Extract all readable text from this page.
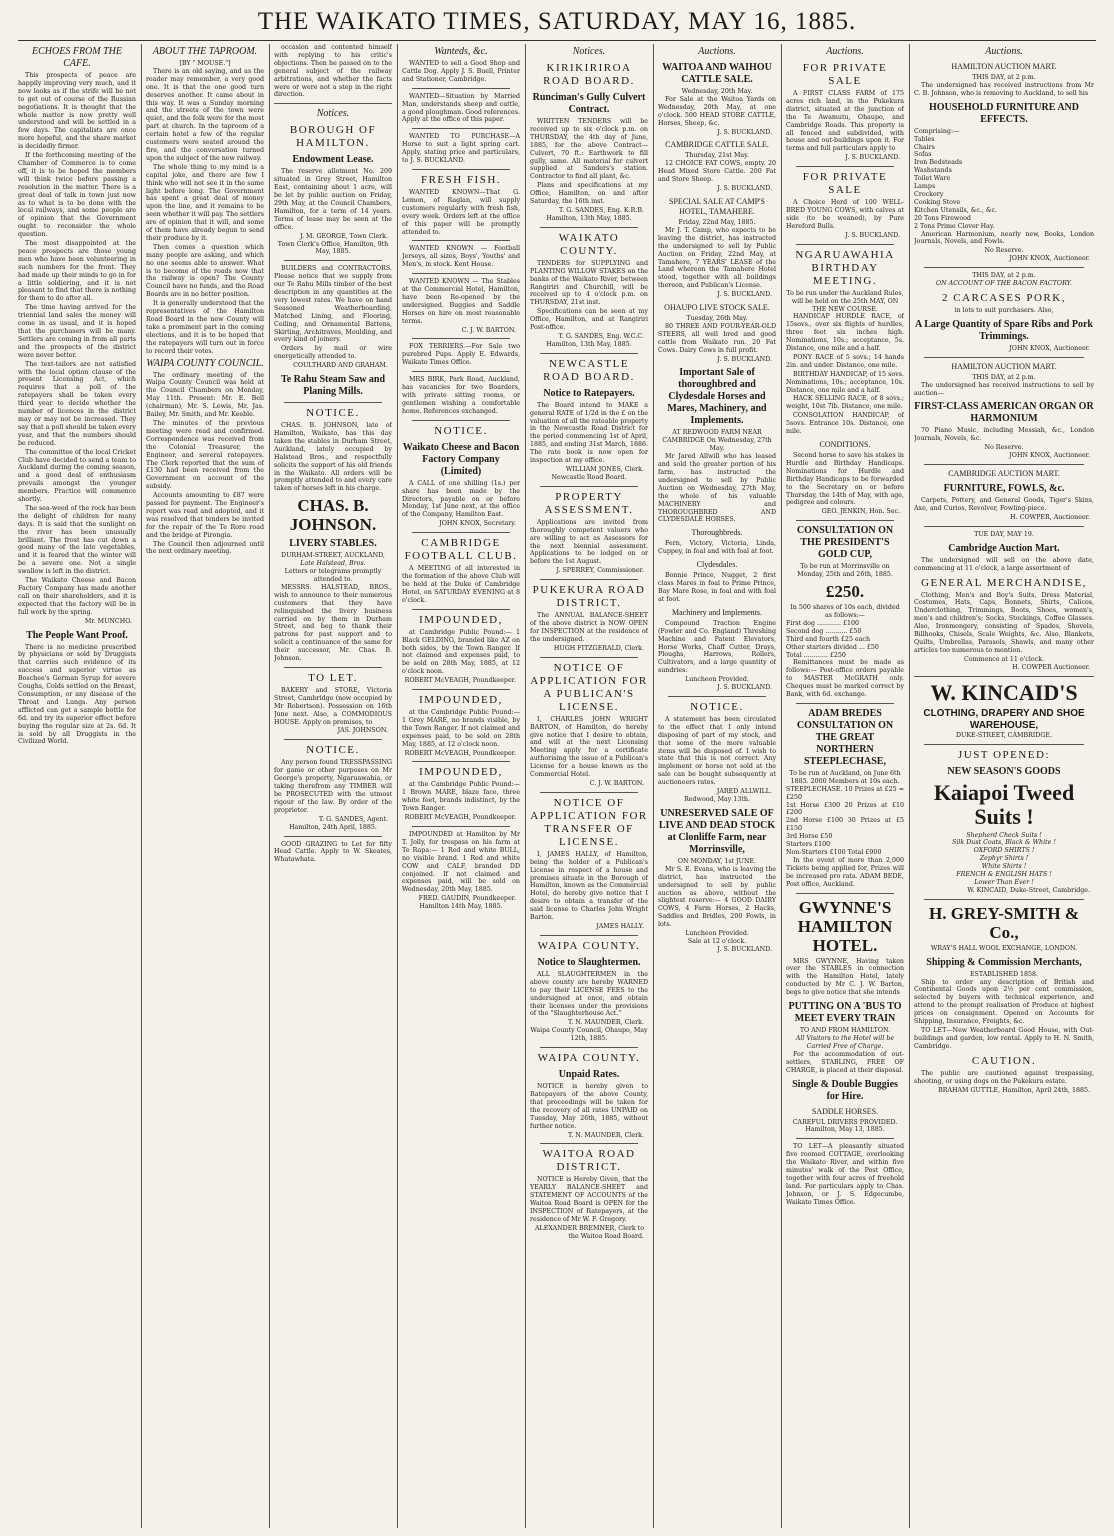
THE WAIKATO TIMES, SATURDAY, MAY 16, 1885.
ECHOES FROM THE CAFE.

This prospects of peace are happily improving very much, and it now looks as if the strife will be not to get out of course of the Russian negotiations. It is thought that the whole matter is now pretty well understood and will be settled in a few days. The capitalists are once more hopeful, and the share market is decidedly firmer.

If the forthcoming meeting of the Chamber of Commerce is to come off, it is to be hoped the members will think twice before passing a resolution in the matter. There is a great deal of talk in town just now as to what is to be done with the local railways, and some people are of opinion that the Government ought to reconsider the whole question.

The most disappointed at the peace prospects are those young men who have been volunteering in such numbers for the front. They had made up their minds to go in for a little soldiering, and it is not pleasant to find that there is nothing for them to do after all.

The time having arrived for the triennial land sales the money will come in as usual, and it is hoped that the purchasers will be many. Settlers are coming in from all parts and the prospects of the district were never better.

The text-tailors are not satisfied with the local option clause of the present Licensing Act, which requires that a poll of the ratepayers shall be taken every third year to decide whether the number of licences in the district may or may not be increased. They say that a poll should be taken every year, and that the numbers should be reduced.

The committee of the local Cricket Club have decided to send a team to Auckland during the coming season, and a good deal of enthusiasm prevails amongst the younger members. Practice will commence shortly.

The sea-weed of the rock has been the delight of children for many days. It is said that the sunlight on the river has been unusually brilliant. The frost has cut down a good many of the late vegetables, and it is feared that the winter will be a severe one. Not a single swallow is left in the district.

The Waikato Cheese and Bacon Factory Company has made another call on their shareholders, and it is expected that the factory will be in full work by the spring.

Mr. MUNCHO.
The People Want Proof.

There is no medicine prescribed by physicians or sold by Druggists that carries such evidence of its success and superior virtue as Boschee's German Syrup for severe Coughs, Colds settled on the Breast, Consumption, or any disease of the Throat and Lungs. Any person afflicted can get a sample bottle for 6d. and try its superior effect before buying the regular size at 2s. 6d. It is sold by all Druggists in the Civilized World.

ABOUT THE TAPROOM.
[BY " MOUSE."]

There is an old saying, and as the reader may remember, a very good one. It is that the one good turn deserves another. It came about in this way. It was a Sunday morning and the streets of the town were quiet, and the folk were for the most part at church. In the taproom of a certain hotel a few of the regular customers were seated around the fire, and the conversation turned upon the subject of the new railway.

The whole thing to my mind is a capital joke, and there are few I think who will not see it in the same light before long. The Government has spent a great deal of money upon the line, and it remains to be seen whether it will pay. The settlers are of opinion that it will, and some of them have already begun to send their produce by it.

Then comes a question which many people are asking, and which no one seems able to answer. What is to become of the roads now that the railway is open? The County Council have no funds, and the Road Boards are in no better position.

It is generally understood that the representatives of the Hamilton Road Board in the new County will take a prominent part in the coming elections, and it is to be hoped that the ratepayers will turn out in force to record their votes.

WAIPA COUNTY COUNCIL.

The ordinary meeting of the Waipa County Council was held at the Council Chambers on Monday, May 11th. Present: Mr. E. Bell (chairman), Mr. S. Lewis, Mr. Jas. Bailey, Mr. Smith, and Mr. Keeble.

The minutes of the previous meeting were read and confirmed. Correspondence was received from the Colonial Treasurer, the Engineer, and several ratepayers. The Clerk reported that the sum of £130 had been received from the Government on account of the subsidy.

Accounts amounting to £87 were passed for payment. The Engineer's report was read and adopted, and it was resolved that tenders be invited for the repair of the Te Rore road and the bridge at Pirongia.

The Council then adjourned until the next ordinary meeting.

occasion and contented himself with replying to his critic's objections. Then he passed on to the general subject of the railway arbitrations, and whether the facts were or were not a step in the right direction.

Notices.
BOROUGH OF HAMILTON.
Endowment Lease.

The reserve allotment No. 209 situated in Grey Street, Hamilton East, containing about 1 acre, will be let by public auction on Friday, 29th May, at the Council Chambers, Hamilton, for a term of 14 years. Terms of lease may be seen at the office.

J. M. GEORGE, Town Clerk.
Town Clerk's Office, Hamilton, 9th May, 1885.

BUILDERS and CONTRACTORS. Please notice that we supply from our Te Rahu Mills timber of the best description in any quantities at the very lowest rates. We have on hand Seasoned Weatherboarding, Matched Lining, and Flooring, Ceiling, and Ornamental Battens, Skirting, Architraves, Moulding, and every kind of joinery.

Orders by mail or wire energetically attended to.

COULTHARD AND GRAHAM.
Te Rahu Steam Saw and Planing Mills.
NOTICE.

CHAS. B. JOHNSON, late of Hamilton, Waikato, has this day taken the stables in Durham Street, Auckland, lately occupied by Halstead Bros., and respectfully solicits the support of his old friends in the Waikato. All orders will be promptly attended to and every care taken of horses left in his charge.

CHAS. B. JOHNSON.
LIVERY STABLES.
DURHAM-STREET, AUCKLAND,
Late Halstead, Bros.
Letters or telegrams promptly attended to.

MESSRS. HALSTEAD, BROS., wish to announce to their numerous customers that they have relinquished the livery business carried on by them in Durham Street, and beg to thank their patrons for past support and to solicit a continuance of the same for their successor, Mr. Chas. B. Johnson.

TO LET.

BAKERY and STORE, Victoria Street, Cambridge (now occupied by Mr Robertson). Possession on 16th June next. Also, a COMMODIOUS HOUSE. Apply on premises, to

JAS. JOHNSON.
NOTICE.

Any person found TRESSPASSING for game or other purposes on Mr George's property, Ngaruawahia, or taking therefrom any TIMBER will be PROSECUTED with the utmost rigour of the law. By order of the proprietor.

T. G. SANDES, Agent.
Hamilton, 24th April, 1885.

GOOD GRAZING to Let for fifty Head Cattle. Apply to W. Skeates, Whatawhata.

Wanteds, &c.

WANTED to sell a Good Shop and Cattle Dog. Apply J. S. Buell, Printer and Stationer, Cambridge.

WANTED—Situation by Married Man, understands sheep and cattle, a good ploughman. Good references. Apply at the office of this paper.

WANTED TO PURCHASE—A Horse to suit a light spring cart. Apply, stating price and particulars, to J. S. BUCKLAND.

FRESH FISH.

WANTED KNOWN—That G. Lemon, of Raglan, will supply customers regularly with fresh fish, every week. Orders left at the office of this paper will be promptly attended to.

WANTED KNOWN — Football Jerseys, all sizes, Boys', Youths' and Men's, in stock. Kent House.

WANTED KNOWN — The Stables at the Commercial Hotel, Hamilton, have been Re-opened by the undersigned. Buggies and Saddle Horses on hire on most reasonable terms.

C. J. W. BARTON.

FOX TERRIERS.—For Sale two purebred Pups. Apply E. Edwards, Waikato Times Office.

MRS BIRK, Park Road, Auckland, has vacancies for two Boarders, with private sitting rooms, or gentlemen wishing a comfortable home. References exchanged.

NOTICE.
Waikato Cheese and Bacon Factory Company (Limited)

A CALL of one shilling (1s.) per share has been made by the Directors, payable on or before Monday, 1st June next, at the office of the Company, Hamilton East.

JOHN KNOX, Secretary.
CAMBRIDGE FOOTBALL CLUB.

A MEETING of all interested in the formation of the above Club will be held at the Duke of Cambridge Hotel, on SATURDAY EVENING at 8 o'clock.

IMPOUNDED,

at Cambridge Public Pound:— 1 Black GELDING, branded like AZ on both sides, by the Town Ranger. If not claimed and expenses paid, to be sold on 28th May, 1885, at 12 o'clock noon.

ROBERT McVEAGH, Poundkeeper.
IMPOUNDED,

at the Cambridge Public Pound:— 1 Grey MARE, no brands visible, by the Town Ranger. If not claimed and expenses paid, to be sold on 28th May, 1885, at 12 o'clock noon.

ROBERT McVEAGH, Poundkeeper.
IMPOUNDED,

at the Cambridge Public Pound:— 1 Brown MARE, blaze face, three white feet, brands indistinct, by the Town Ranger.

ROBERT McVEAGH, Poundkeeper.

IMPOUNDED at Hamilton by Mr T. Jolly, for trespass on his farm at Te Rapa:— 1 Red and white BULL, no visible brand. 1 Red and white COW and CALF, branded DD conjoined. If not claimed and expenses paid, will be sold on Wednesday, 20th May, 1885.

FRED. GAUDIN, Poundkeeper.
Hamilton 14th May, 1885.
Notices.
KIRIKIRIROA ROAD BOARD.
Runciman's Gully Culvert Contract.

WRITTEN TENDERS will be received up to six o'clock p.m. on THURSDAY, the 4th day of June, 1885, for the above Contract—Culvert, 70 ft.: Earthwork to fill gully, same. All material for culvert supplied at Sanders's station. Contractor to find all plant, &c.

Plans and specifications at my Office, Hamilton, on and after Saturday, the 16th inst.

T. G. SANDES, Eng. K.R.B.
Hamilton, 13th May, 1885.
WAIKATO COUNTY.

TENDERS for SUPPLYING and PLANTING WILLOW STAKES on the banks of the Waikato River, between Rangiriri and Churchill, will be received up to 4 o'clock p.m. on THURSDAY, 21st inst.

Specifications can be seen at my Office, Hamilton, and at Rangiriri Post-office.

T. G. SANDES, Eng. W.C.C.
Hamilton, 13th May, 1885.
NEWCASTLE ROAD BOARD.
Notice to Ratepayers.

The Board intend to MAKE a general RATE of 1/2d in the £ on the valuation of all the rateable property in the Newcastle Road District for the period commencing 1st of April, 1885, and ending 31st March, 1886. The rate book is now open for inspection at my office.

WILLIAM JONES, Clerk.
Newcastle Road Board.
PROPERTY ASSESSMENT.

Applications are invited from thoroughly competent valuers who are willing to act as Assessors for the next biennial assessment. Applications to be lodged on or before the 1st August.

J. SPERREY, Commissioner.
PUKEKURA ROAD DISTRICT.

The ANNUAL BALANCE-SHEET of the above district is NOW OPEN for INSPECTION at the residence of the undersigned.

HUGH FITZGERALD, Clerk.
NOTICE OF APPLICATION FOR A PUBLICAN'S LICENSE.

I, CHARLES JOHN WRIGHT BARTON, of Hamilton, do hereby give notice that I desire to obtain, and will at the next Licensing Meeting apply for a certificate authorising the issue of a Publican's License for a house known as the Commercial Hotel.

C. J. W. BARTON.
NOTICE OF APPLICATION FOR TRANSFER OF LICENSE.

I, JAMES HALLY, of Hamilton, being the holder of a Publican's License in respect of a house and premises situate in the Borough of Hamilton, known as the Commercial Hotel, do hereby give notice that I desire to obtain a transfer of the said license to Charles John Wright Barton.

JAMES HALLY.
WAIPA COUNTY.
Notice to Slaughtermen.

ALL SLAUGHTERMEN in the above county are hereby WARNED to pay their LICENSE FEES to the undersigned at once, and obtain their licenses under the provisions of the "Slaughterhouse Act."

T. N. MAUNDER, Clerk.
Waipa County Council, Ohaupo, May 12th, 1885.
WAIPA COUNTY.
Unpaid Rates.

NOTICE is hereby given to Ratepayers of the above County, that proceedings will be taken for the recovery of all rates UNPAID on Tuesday, May 26th, 1885, without further notice.

T. N. MAUNDER, Clerk.
WAITOA ROAD DISTRICT.

NOTICE is Hereby Given, that the YEARLY BALANCE-SHEET and STATEMENT OF ACCOUNTS of the Waitoa Road Board is OPEN for the INSPECTION of Ratepayers, at the residence of Mr W. F. Gregory.

ALEXANDER BREMNER, Clerk to the Waitoa Road Board.
Auctions.
WAITOA AND WAIHOU CATTLE SALE.
Wednesday, 20th May.

For Sale at the Waitoa Yards on Wednesday, 20th May, at one o'clock. 500 HEAD STORE CATTLE, Horses, Sheep, &c.

J. S. BUCKLAND.
CAMBRIDGE CATTLE SALE.
Thursday, 21st May.

12 CHOICE FAT COWS, empty. 20 Head Mixed Store Cattle. 200 Fat and Store Sheep.

J. S. BUCKLAND.
SPECIAL SALE AT CAMP'S HOTEL, TAMAHERE.
Friday, 22nd May, 1885.

Mr J. T. Camp, who expects to be leaving the district, has instructed the undersigned to sell by Public Auction on Friday, 22nd May, at Tamahere, 7 YEARS' LEASE of the Land whereon the Tamahere Hotel stood, together with all buildings thereon, and Publican's License.

J. S. BUCKLAND.
OHAUPO LIVE STOCK SALE.
Tuesday, 26th May.

80 THREE AND FOUR-YEAR-OLD STEERS, all well bred and good cattle from Waikato run. 20 Fat Cows. Dairy Cows in full profit.

J. S. BUCKLAND.
Important Sale of thoroughbred and Clydesdale Horses and Mares, Machinery, and Implements.
AT REDWOOD FARM NEAR CAMBRIDGE On Wednesday, 27th May.

Mr Jared Allwill who has leased and sold the greater portion of his farm, has instructed the undersigned to sell by Public Auction on Wednesday, 27th May, the whole of his valuable MACHINERY and THOROUGHBRED AND CLYDESDALE HORSES.

Thoroughbreds.

Fern, Victory, Victoria, Linda, Cuppey, in foal and with foal at foot.

Clydesdales.

Bonnie Prince, Nugget, 2 first class Mares in foal to Prime Prince, Bay Mare Rose, in foal and with foal at foot.

Machinery and Implements.

Compound Traction Engine (Fowler and Co. England) Threshing Machine and Patent Elevators, Horse Works, Chaff Cutter, Drays, Ploughs, Harrows, Rollers, Cultivators, and a large quantity of sundries.

Luncheon Provided.
J. S. BUCKLAND.
NOTICE.

A statement has been circulated to the effect that I only intend disposing of part of my stock, and that some of the more valuable items will be disposed of. I wish to state that this is not correct. Any implement or horse not sold at the sale can be bought subsequently at auctioneers rates.

JARED ALLWILL.
Redwood, May 13th.
UNRESERVED SALE OF LIVE AND DEAD STOCK at Clonliffe Farm, near Morrinsville,
ON MONDAY, 1st JUNE.

Mr S. E. Evans, who is leaving the district, has instructed the undersigned to sell by public auction as above, without the slightest reserve:— 4 GOOD DAIRY COWS, 4 Farm Horses, 2 Hacks, Saddles and Bridles, 200 Fowls, in lots.

Luncheon Provided.
Sale at 12 o'clock.
J. S. BUCKLAND.
Auctions.
FOR PRIVATE SALE

A FIRST CLASS FARM of 175 acres rich land, in the Pukekura district, situated at the junction of the Te Awamutu, Ohaupo, and Cambridge Roads. This property is all fenced and subdivided, with house and out-buildings upon it. For terms and full particulars apply to

J. S. BUCKLAND.
FOR PRIVATE SALE

A Choice Herd of 100 WELL-BRED YOUNG COWS, with calves at side (to be weaned), by Pure Hereford Bulls.

J. S. BUCKLAND.
NGARUAWAHIA BIRTHDAY MEETING.
To be run under the Auckland Rules, will be held on the 25th MAY, ON THE NEW COURSE.

HANDICAP HURDLE RACE, of 15sovs., over six flights of hurdles, three feet six inches high. Nominations, 10s.; acceptance, 5s. Distance, one mile and a half.

PONY RACE of 5 sovs.; 14 hands 2in. and under. Distance, one mile.

BIRTHDAY HANDICAP, of 15 sovs. Nominations, 10s.; acceptance, 10s. Distance, one mile and a half.

HACK SELLING RACE, of 8 sovs.; weight, 10st 7lb. Distance, one mile.

CONSOLATION HANDICAP, of 5sovs. Entrance 10s. Distance, one mile.

CONDITIONS.

Second horse to save his stakes in Hurdle and Birthday Handicaps. Nominations for Hurdle and Birthday Handicaps to be forwarded to the Secretary on or before Thursday, the 14th of May, with age, pedigree and colours.

GEO. JENKIN, Hon. Sec.
CONSULTATION ON THE PRESIDENT'S GOLD CUP,
To be run at Morrinsville on Monday, 25th and 26th, 1885.
£250.
In 500 shares of 10s each, divided as follows:—
First dog ............ £100
Second dog ........... £50
Third and fourth £25 each
Other starters divided ... £50
Total ............ £250

Remittances must be made as follows:— Post-office orders payable to MASTER McGRATH only. Cheques must be marked correct by Bank, with 6d. exchange.

ADAM BREDES CONSULTATION ON THE GREAT NORTHERN STEEPLECHASE,
To be run at Auckland, on June 6th 1885. 2000 Members at 10s each.
STEEPLECHASE. 10 Prizes at £25 = £250
1st Horse £300 20 Prizes at £10 £200
2nd Horse £100 30 Prizes at £5 £150
3rd Horse £50
Starters £100
Non-Starters £100 Total £900

In the event of more than 2,000 Tickets being applied for, Prizes will be increased pro rata. ADAM BEDE, Post office, Auckland.

GWYNNE'S HAMILTON HOTEL.

MRS GWYNNE, Having taken over the STABLES in connection with the Hamilton Hotel, lately conducted by Mr C. J. W. Barton, begs to give notice that she intends

PUTTING ON A 'BUS TO MEET EVERY TRAIN
TO AND FROM HAMILTON.
All Visitors to the Hotel will be Carried Free of Charge.

For the accommodation of out-settlers, STABLING, FREE OF CHARGE, is placed at their disposal.

Single & Double Buggies for Hire.
SADDLE HORSES.
CAREFUL DRIVERS PROVIDED. Hamilton, May 13, 1885.

TO LET—A pleasantly situated five roomed COTTAGE, overlooking the Waikato River, and within five minutes' walk of the Post Office, together with four acres of freehold land. For particulars apply to Chas. Johnson, or J. S. Edgecumbe, Waikato Times Office.

Auctions.
HAMILTON AUCTION MART.
THIS DAY, at 2 p.m.

The undersigned has received instructions from Mr C. B. Johnson, who is removing to Auckland, to sell his

HOUSEHOLD FURNITURE AND EFFECTS.
Comprising:—
Tables
Chairs
Sofas
Iron Bedsteads
Washstands
Toilet Ware
Lamps
Crockery
Cooking Stove
Kitchen Utensils, &c., &c.
20 Tons Firewood
2 Tons Prime Clover Hay.

American Harmonium, nearly new, Books, London Journals, Novels, and Fowls.

No Reserve.
JOHN KNOX, Auctioneer.
THIS DAY, at 2 p.m.
ON ACCOUNT OF THE BACON FACTORY.
2 CARCASES PORK,
in lots to suit purchasers. Also,
A Large Quantity of Spare Ribs and Pork Trimmings.
JOHN KNOX, Auctioneer.
HAMILTON AUCTION MART.
THIS DAY, at 2 p.m.

The undersigned has received instructions to sell by auction—

FIRST-CLASS AMERICAN ORGAN OR HARMONIUM

70 Piano Music, including Messiah, &c., London Journals, Novels, &c.

No Reserve.
JOHN KNOX, Auctioneer.
CAMBRIDGE AUCTION MART.
FURNITURE, FOWLS, &c.

Carpets, Pottery, and General Goods, Tiger's Skins, Axe, and Curios, Revolver, Fowling-piece.

H. COWPER, Auctioneer.
TUE DAY, MAY 19.
Cambridge Auction Mart.

The undersigned will sell on the above date, commencing at 11 o'clock, a large assortment of

GENERAL MERCHANDISE,

Clothing, Men's and Boy's Suits, Dress Material, Costumes, Hats, Caps, Bonnets, Shirts, Calicos, Underclothing, Trimmings, Boots, Shoes, women's, men's and children's; Socks, Stockings, Coffee Glasses. Also, Ironmongery, consisting of Spades, Shovels, Billhooks, Chisels, Scale Weights, &c. Also, Blankets, Quilts, Umbrellas, Parasols, Shawls, and many other articles too numerous to mention.

Commence at 11 o'clock.
H. COWPER Auctioneer.
W. KINCAID'S
CLOTHING, DRAPERY AND SHOE WAREHOUSE,
DUKE-STREET, CAMBRIDGE.
JUST OPENED:
NEW SEASON'S GOODS
Kaiapoi Tweed Suits !
Shepherd Check Suits !
Silk Dust Coats, Black & White !
OXFORD SHIRTS !
Zephyr Shirts !
White Shirts !
FRENCH & ENGLISH HATS !
Lower Than Ever !
W. KINCAID, Duke-Street, Cambridge.
H. GREY-SMITH & Co.,
WRAY'S HALL WOOL EXCHANGE, LONDON.
Shipping & Commission Merchants,
ESTABLISHED 1858.

Ship to order any description of British and Continental Goods upon 2½ per cent commission, selected by buyers with technical experience, and attend to the prompt realisation of Produce at highest prices on consignment. Opened on Accounts for Shipping, Insurance, Freights, &c.

TO LET—New Weatherboard Good House, with Out-buildings and garden, low rental. Apply to H. N. Smith, Cambridge.

CAUTION.

The public are cautioned against trespassing, shooting, or using dogs on the Pukekura estate.

BRAHAM GUTTLE, Hamilton, April 24th, 1885.
